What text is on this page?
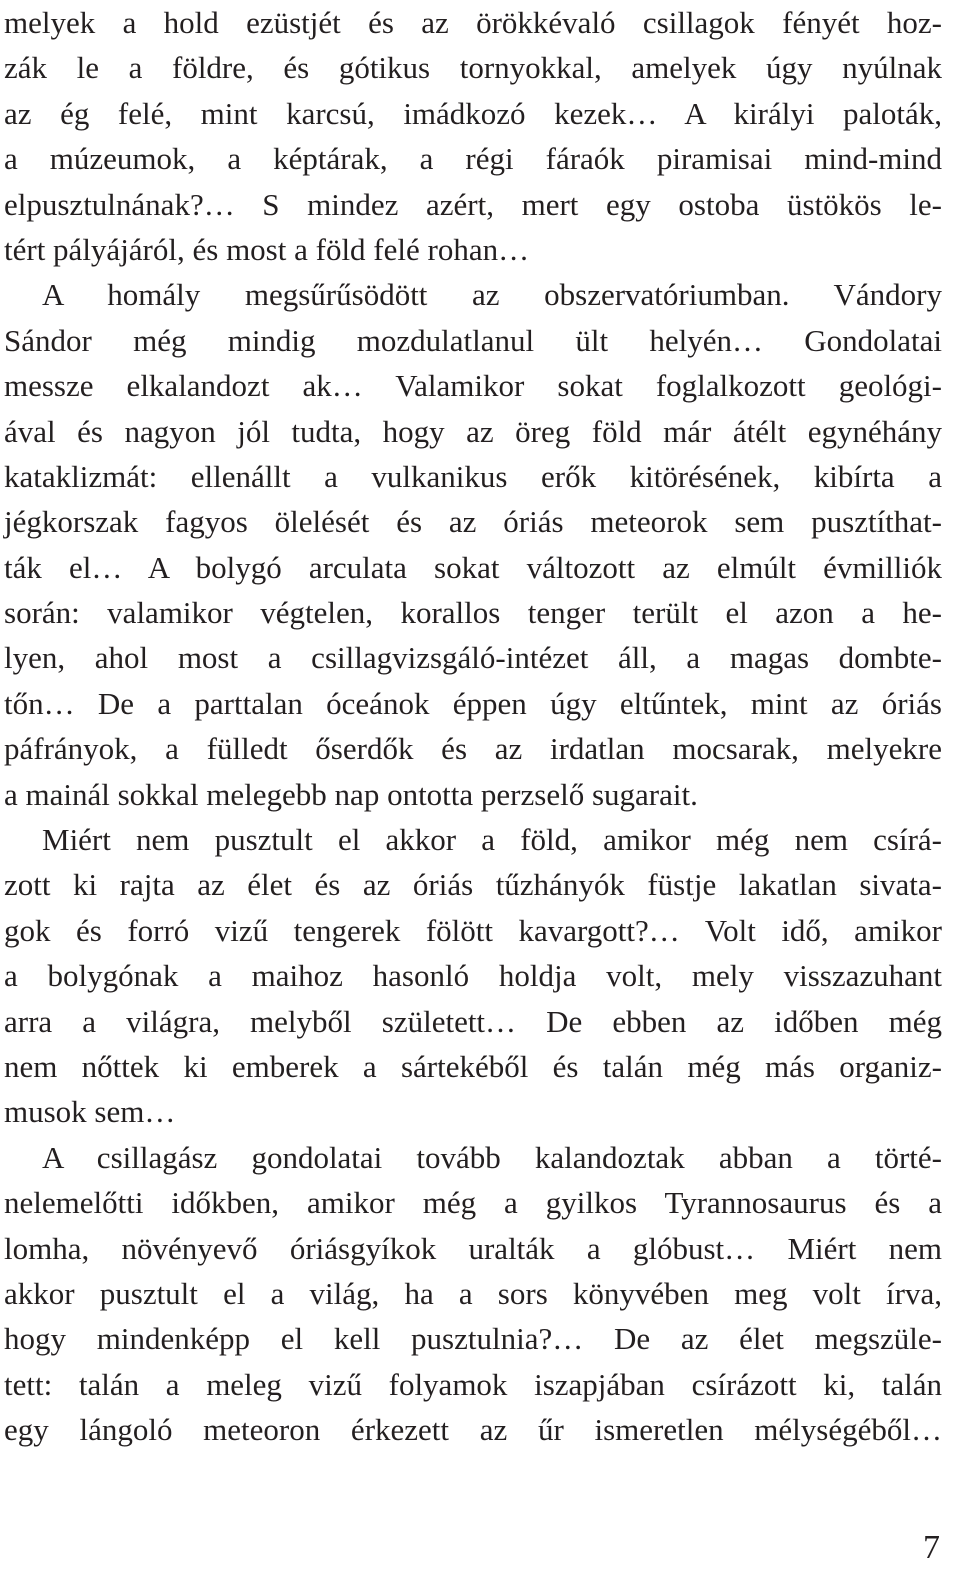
melyek a hold ezüstjét és az örökkévaló csillagok fényét hoz-
zák le a földre, és gótikus tornyokkal, amelyek úgy nyúlnak
az ég felé, mint karcsú, imádkozó kezek… A királyi paloták,
a múzeumok, a képtárak, a régi fáraók piramisai mind-mind
elpusztulnának?… S mindez azért, mert egy ostoba üstökös le-
tért pályájáról, és most a föld felé rohan…
A homály megsűrűsödött az obszervatóriumban. Vándory
Sándor még mindig mozdulatlanul ült helyén… Gondolatai
messze elkalandozt ak… Valamikor sokat foglalkozott geológi-
ával és nagyon jól tudta, hogy az öreg föld már átélt egynéhány
kataklizmát: ellenállt a vulkanikus erők kitörésének, kibírta a
jégkorszak fagyos ölelését és az óriás meteorok sem pusztíthat-
ták el… A bolygó arculata sokat változott az elmúlt évmilliók
során: valamikor végtelen, korallos tenger terült el azon a he-
lyen, ahol most a csillagvizsgáló-intézet áll, a magas dombte-
tőn… De a parttalan óceánok éppen úgy eltűntek, mint az óriás
páfrányok, a fülledt őserdők és az irdatlan mocsarak, melyekre
a mainál sokkal melegebb nap ontotta perzselő sugarait.
Miért nem pusztult el akkor a föld, amikor még nem csírá-
zott ki rajta az élet és az óriás tűzhányók füstje lakatlan sivata-
gok és forró vizű tengerek fölött kavargott?… Volt idő, amikor
a bolygónak a maihoz hasonló holdja volt, mely visszazuhant
arra a világra, melyből született… De ebben az időben még
nem nőttek ki emberek a sártekéből és talán még más organiz-
musok sem…
A csillagász gondolatai tovább kalandoztak abban a törté-
nelemelőtti időkben, amikor még a gyilkos Tyrannosaurus és a
lomha, növényevő óriásgyíkok uralták a glóbust… Miért nem
akkor pusztult el a világ, ha a sors könyvében meg volt írva,
hogy mindenképp el kell pusztulnia?… De az élet megszüle-
tett: talán a meleg vizű folyamok iszapjában csírázott ki, talán
egy lángoló meteoron érkezett az űr ismeretlen mélységéből…
7
